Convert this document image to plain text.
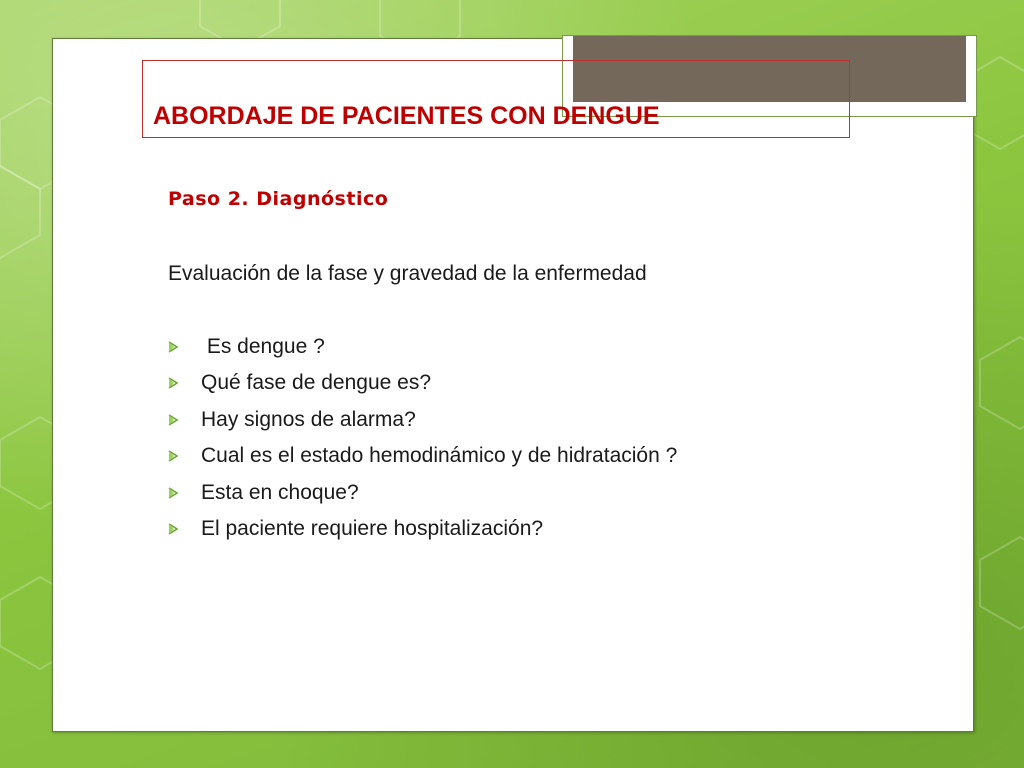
ABORDAJE DE PACIENTES CON DENGUE
Paso 2. Diagnóstico
Evaluación de la fase y gravedad de la enfermedad
Es dengue ?
Qué fase de dengue es?
Hay signos de alarma?
Cual es el estado hemodinámico y de hidratación ?
Esta en choque?
El paciente requiere hospitalización?
